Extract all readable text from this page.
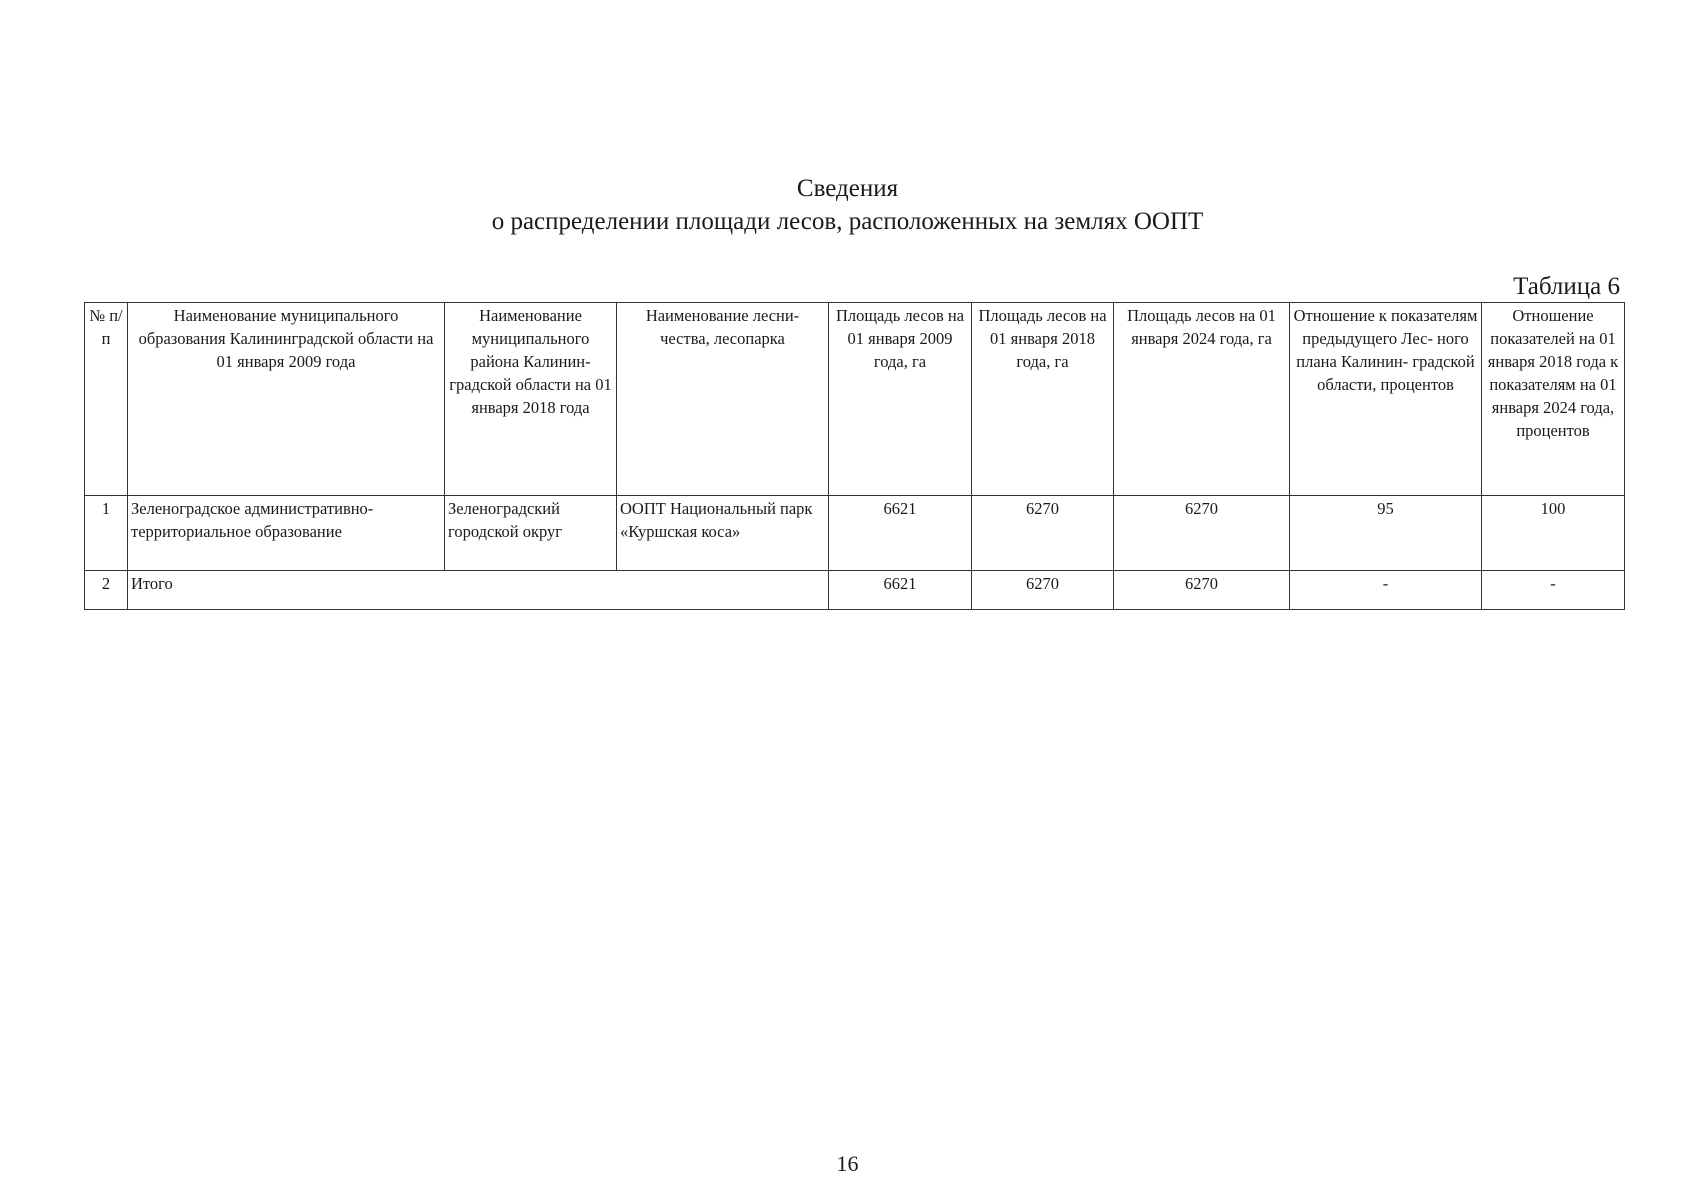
Сведения
о распределении площади лесов, расположенных на землях ООПТ
Таблица 6
№ п/п	Наименование муниципального образования Калининградской области на 01 января 2009 года	Наименование муниципального района Калинин- градской области на 01 января 2018 года	Наименование лесни- чества, лесопарка	Площадь лесов на 01 января 2009 года, га	Площадь лесов на 01 января 2018 года, га	Площадь лесов на 01 января 2024 года, га	Отношение к показателям предыдущего Лес- ного плана Калинин- градской области, процентов	Отношение показателей на 01 января 2018 года к показателям на 01 января 2024 года, процентов
1	Зеленоградское административно-территориальное образование	Зеленоградский городской округ	ООПТ Национальный парк «Куршская коса»	6621	6270	6270	95	100
2	Итого			6621	6270	6270	-	-
16
